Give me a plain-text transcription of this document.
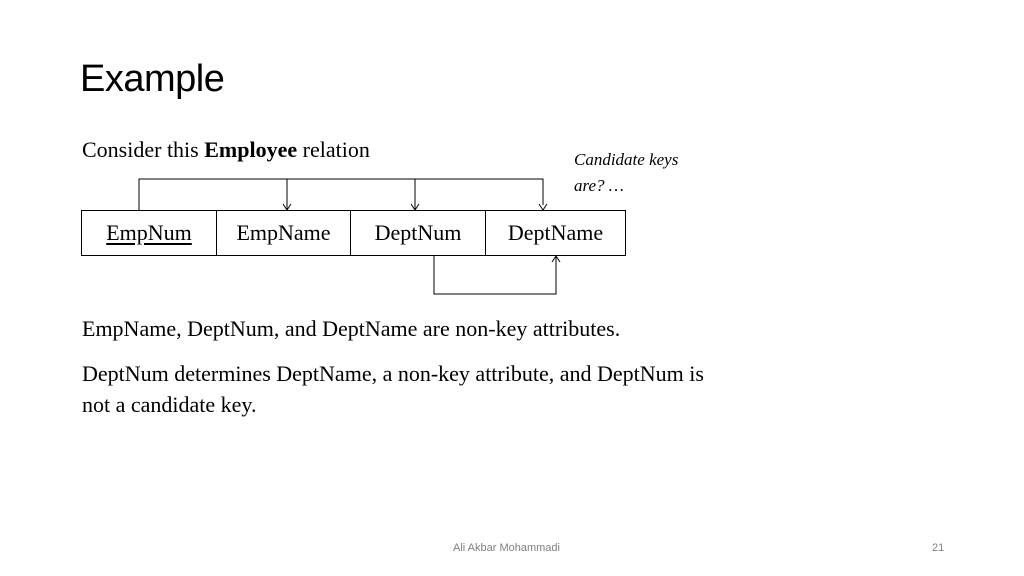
Example
Consider this Employee relation	Candidate keys
are? …
EmpNum	EmpName	DeptNum	DeptName
EmpName, DeptNum, and DeptName are non-key attributes.
DeptNum determines DeptName, a non-key attribute, and DeptNum is not a candidate key.
Ali Akbar Mohammadi	21
